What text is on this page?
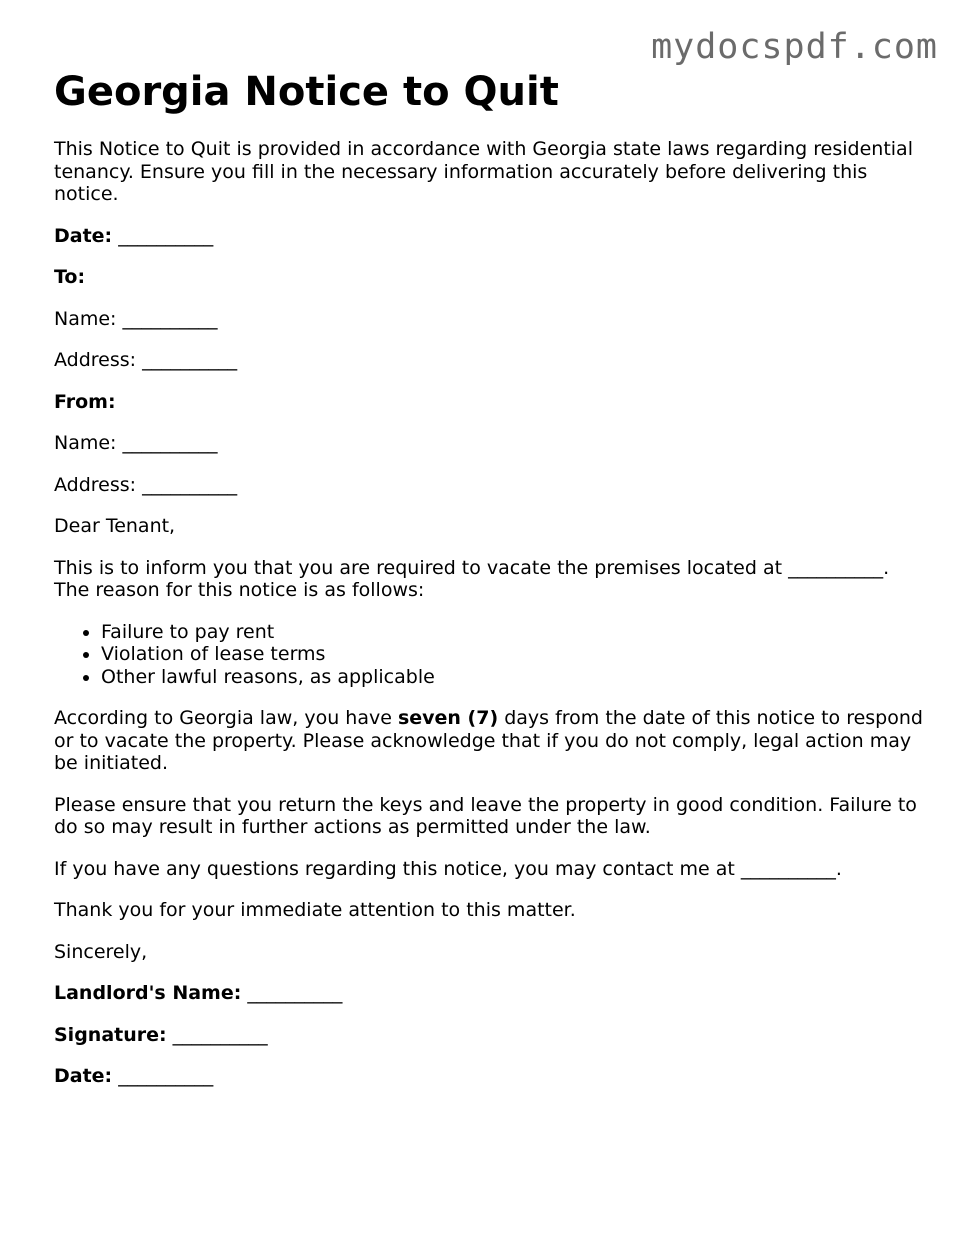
mydocspdf.com
Georgia Notice to Quit

This Notice to Quit is provided in accordance with Georgia state laws regarding residential tenancy. Ensure you fill in the necessary information accurately before delivering this notice.

Date: __________

To:

Name: __________

Address: __________

From:

Name: __________

Address: __________

Dear Tenant,

This is to inform you that you are required to vacate the premises located at __________. The reason for this notice is as follows:

• Failure to pay rent
• Violation of lease terms
• Other lawful reasons, as applicable

According to Georgia law, you have seven (7) days from the date of this notice to respond or to vacate the property. Please acknowledge that if you do not comply, legal action may be initiated.

Please ensure that you return the keys and leave the property in good condition. Failure to do so may result in further actions as permitted under the law.

If you have any questions regarding this notice, you may contact me at __________.

Thank you for your immediate attention to this matter.

Sincerely,

Landlord's Name: __________

Signature: __________

Date: __________
